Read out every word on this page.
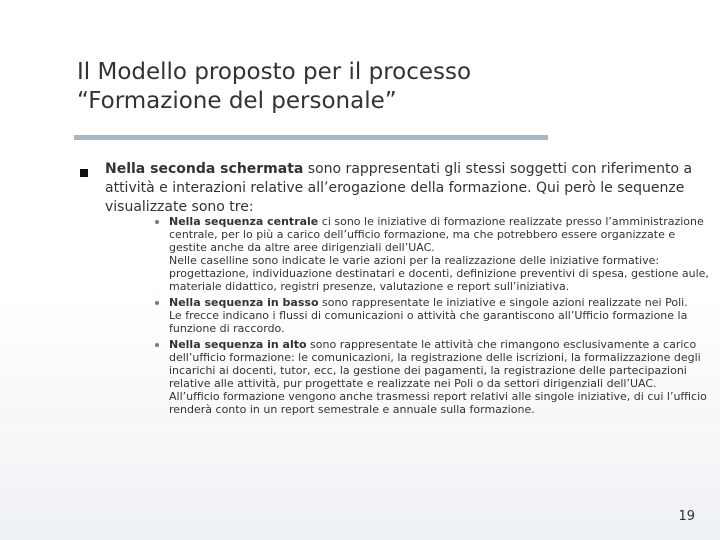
Il Modello proposto per il processo
“Formazione del personale”
Nella seconda schermata sono rappresentati gli stessi soggetti con riferimento a attività e interazioni relative all’erogazione della formazione. Qui però le sequenze visualizzate sono tre:
Nella sequenza centrale ci sono le iniziative di formazione realizzate presso l’amministrazione centrale, per lo più a carico dell’ufficio formazione, ma che potrebbero essere organizzate e gestite anche da altre aree dirigenziali dell’UAC.
Nelle caselline sono indicate le varie azioni per la realizzazione delle iniziative formative: progettazione, individuazione destinatari e docenti, definizione preventivi di spesa, gestione aule, materiale didattico, registri presenze, valutazione e report sull’iniziativa.
Nella sequenza in basso sono rappresentate le iniziative e singole azioni realizzate nei Poli.
Le frecce indicano i flussi di comunicazioni o attività che garantiscono all’Ufficio formazione la funzione di raccordo.
Nella sequenza in alto sono rappresentate le attività che rimangono esclusivamente a carico dell’ufficio formazione: le comunicazioni, la registrazione delle iscrizioni, la formalizzazione degli incarichi ai docenti, tutor, ecc, la gestione dei pagamenti, la registrazione delle partecipazioni relative alle attività, pur progettate e realizzate nei Poli o da settori dirigenziali dell’UAC.
All’ufficio formazione vengono anche trasmessi report relativi alle singole iniziative, di cui l’ufficio renderà conto in un report semestrale e annuale sulla formazione.
19
